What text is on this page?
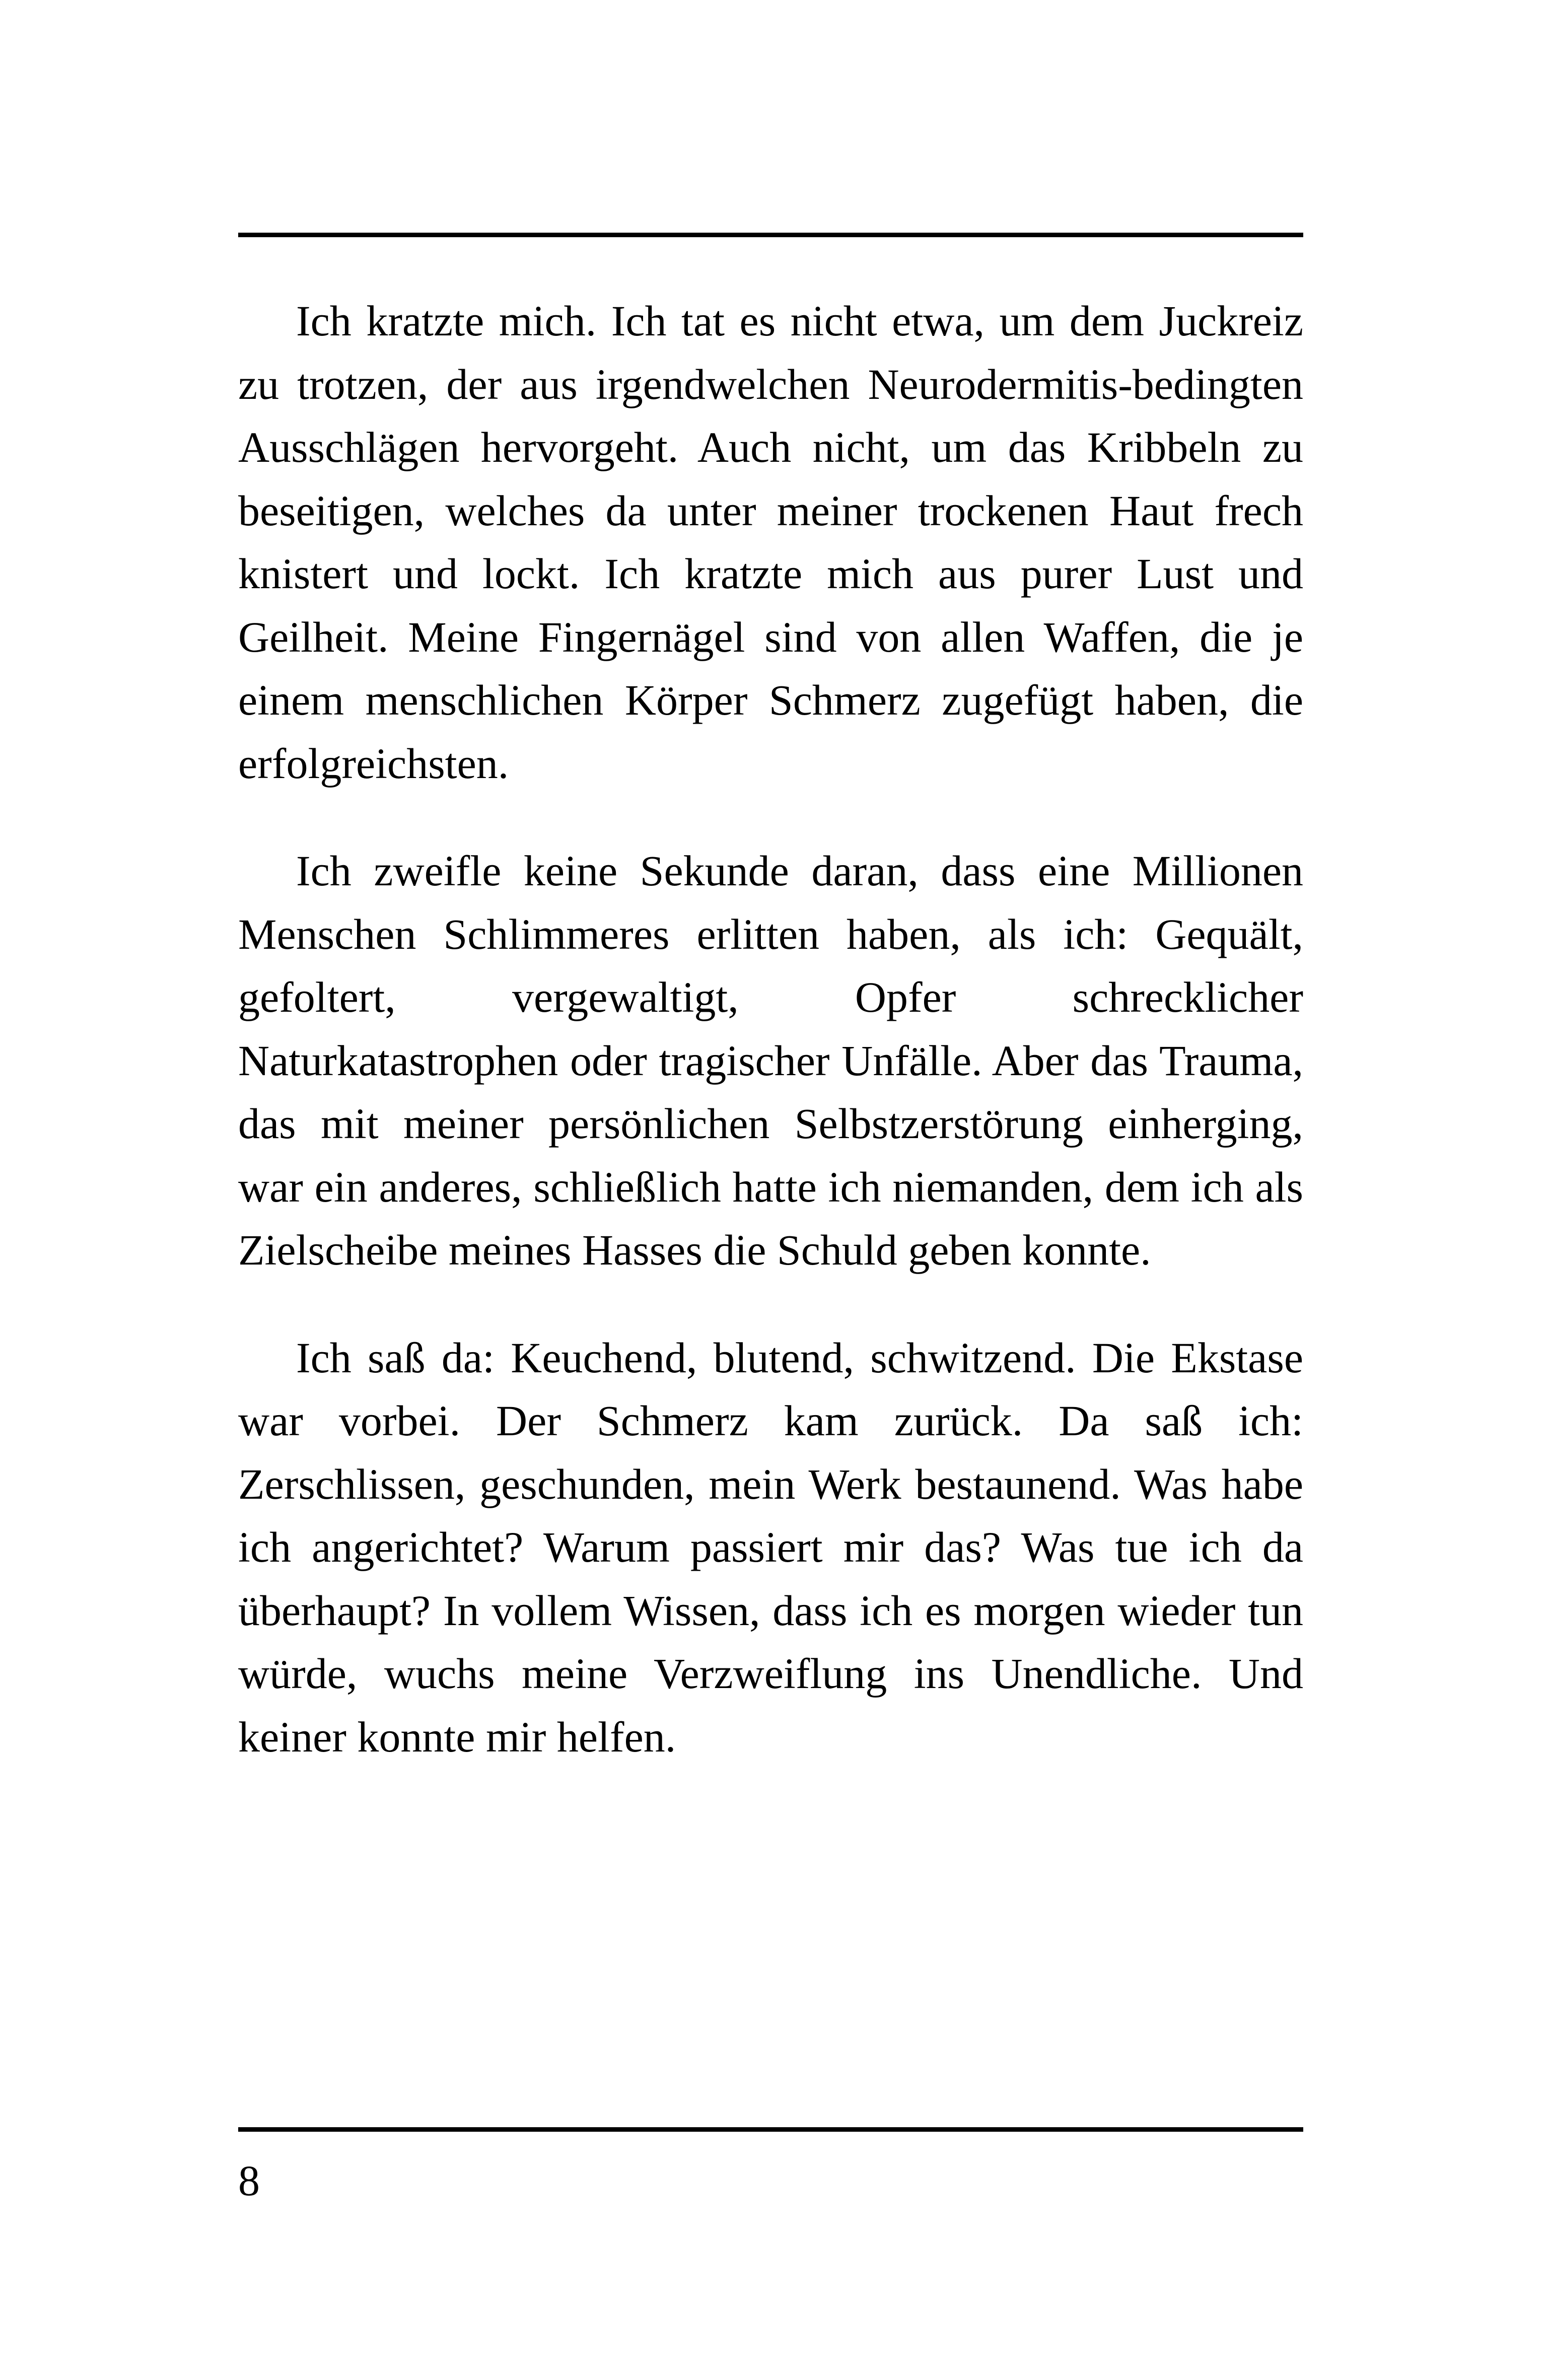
Ich kratzte mich. Ich tat es nicht etwa, um dem Juckreiz zu trotzen, der aus irgendwelchen Neurodermitis-bedingten Ausschlägen hervorgeht. Auch nicht, um das Kribbeln zu beseitigen, welches da unter meiner trockenen Haut frech knistert und lockt. Ich kratzte mich aus purer Lust und Geilheit. Meine Fingernägel sind von allen Waffen, die je einem menschlichen Körper Schmerz zugefügt haben, die erfolgreichsten.

Ich zweifle keine Sekunde daran, dass eine Millionen Menschen Schlimmeres erlitten haben, als ich: Gequält, gefoltert, vergewaltigt, Opfer schrecklicher Naturkatastrophen oder tragischer Unfälle. Aber das Trauma, das mit meiner persönlichen Selbstzerstörung einherging, war ein anderes, schließlich hatte ich niemanden, dem ich als Zielscheibe meines Hasses die Schuld geben konnte.

Ich saß da: Keuchend, blutend, schwitzend. Die Ekstase war vorbei. Der Schmerz kam zurück. Da saß ich: Zerschlissen, geschunden, mein Werk bestaunend. Was habe ich angerichtet? Warum passiert mir das? Was tue ich da überhaupt? In vollem Wissen, dass ich es morgen wieder tun würde, wuchs meine Verzweiflung ins Unendliche. Und keiner konnte mir helfen.

8
